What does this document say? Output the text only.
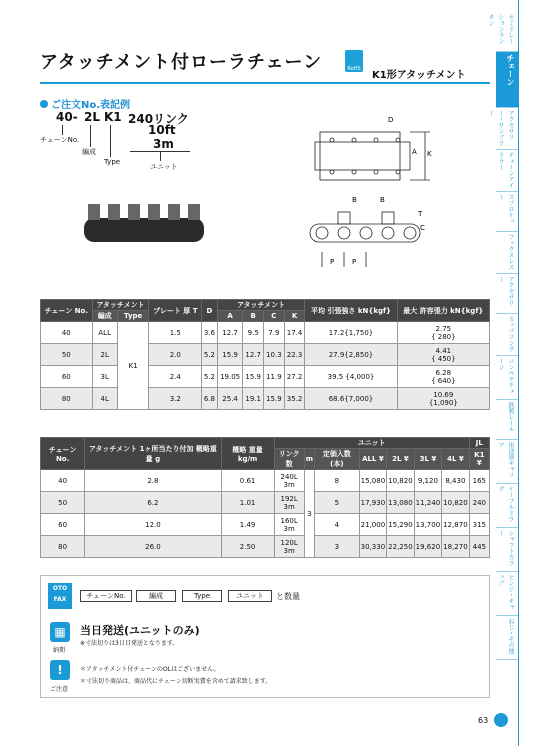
アタッチメント付ローラチェーン	RoHS
K1形アタッチメント
ご注文No.表記例
40- 2L K1 240リンク
10ft
3m
チェーンNo.
編成
Type
ユニット
D
A K
B	B
T
C
P	P
チェーン No.	アタッチメント		プレート 厚 T	D	アタッチメント				平均 引張強さ kN{kgf}	最大 許容張力 kN{kgf}
	編成	Type			A	B	C	K		
40	ALL	K1	1.5	3.6	12.7	9.5	7.9	17.4	17.2{1,750}	2.75
{ 280}

50	2L		2.0	5.2	15.9	12.7	10.3	22.3	27.9{2,850}	4.41
{ 450}

60	3L		2.4	5.2	19.05	15.9	11.9	27.2	39.5 {4,000}	6.28
{ 640}

80	4L		3.2	6.8	25.4	19.1	15.9	35.2	68.6{7,000}	10.69
{1,090}
チェーン No.	アタッチメント 1ヶ所当たり付加 概略重量 g	概略 重量 kg/m	ユニット							JL
			リンク数	m	定価入数 (本)	ALL ¥	2L ¥	3L ¥	4L ¥	K1 ¥
40	2.8	0.61	240L
3m	3	8	15,080	10,820	9,120	8,430	165
50	6.2	1.01	192L
3m		5	17,930	13,080	11,240	10,820	240
60	12.0	1.49	160L
3m		4	21,000	15,290	13,700	12,870	315
80	26.0	2.50	120L
3m		3	30,330	22,250	19,620	18,270	445
OTO FAX	チェーンNo.	編成	Type	ユニット	と数量
▦
納期
当日発送(ユニットのみ)
※寸法切りは3日目発送となります。
!
ご注意
＊アタッチメント付チェーンのOLはございません。
＊寸法切り商品は、商品代にチェーン切断実費を含めて請求致します。
セミドレーションランタン
チェーン
アクセサリー・サンプラー
チェーンアイドラー
スプロケット
フックスレス
アクセサリー
カップリング
コンペヤチェーン
鉄製レール
用途別キャリア
ケーブルドラグ
シャフトカラー
ヒンジ・キャップ
ねじ・その他
63
